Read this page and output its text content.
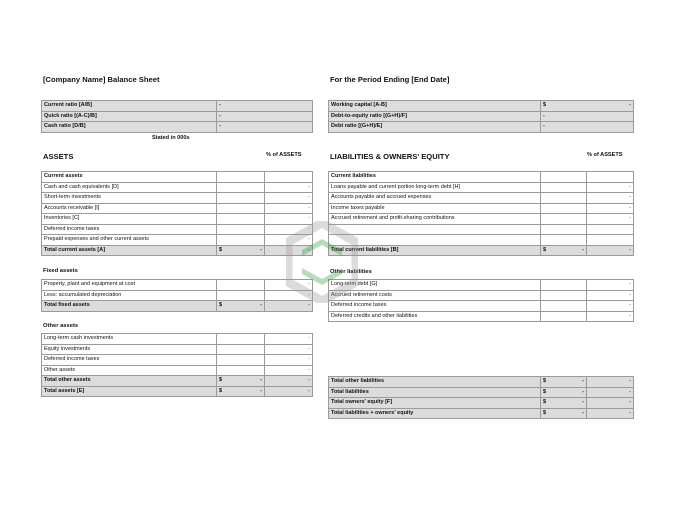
[Company Name] Balance Sheet	For the Period Ending [End Date]
Current ratio [A/B]	-
Quick ratio [(A-C)/B]	-
Cash ratio [D/B]	-
Stated in 000s
Working capital [A-B]	$ -

Debt-to-equity ratio [(G+H)/F]	-
Debt ratio [(G+H)/E]	-
ASSETS	% of ASSETS	LIABILITIES & OWNERS' EQUITY	% of ASSETS
Current assets		
Cash and cash equivalents [D]		-
Short-term investments		-
Accounts receivable [I]		-
Inventories [C]		-
Deferred income taxes		-
Prepaid expenses and other current assets		-
Total current assets [A]	$ -

Fixed assets
Property, plant and equipment at cost		-
Less: accumulated depreciation		-
Total fixed assets	$ -	-
Other assets
Long-term cash investments		-
Equity investments		-
Deferred income taxes		-
Other assets		-
Total other assets	$ -	-
Total assets [E]	$ -	-
Current liabilities		
Loans payable and current portion long-term debt [H]		-
Accounts payable and accrued expenses		-
Income taxes payable		-
Accrued retirement and profit-sharing contributions		-

Total current liabilities [B]	$ -	-
Other liabilities
Long-term debt [G]		-
Accrued retirement costs		-
Deferred income taxes		-
Deferred credits and other liabilities		-
Total other liabilities	$ -	-
Total liabilities	$ -	-
Total owners' equity [F]	$ -	-
Total liabilities + owners' equity	$ -	-
